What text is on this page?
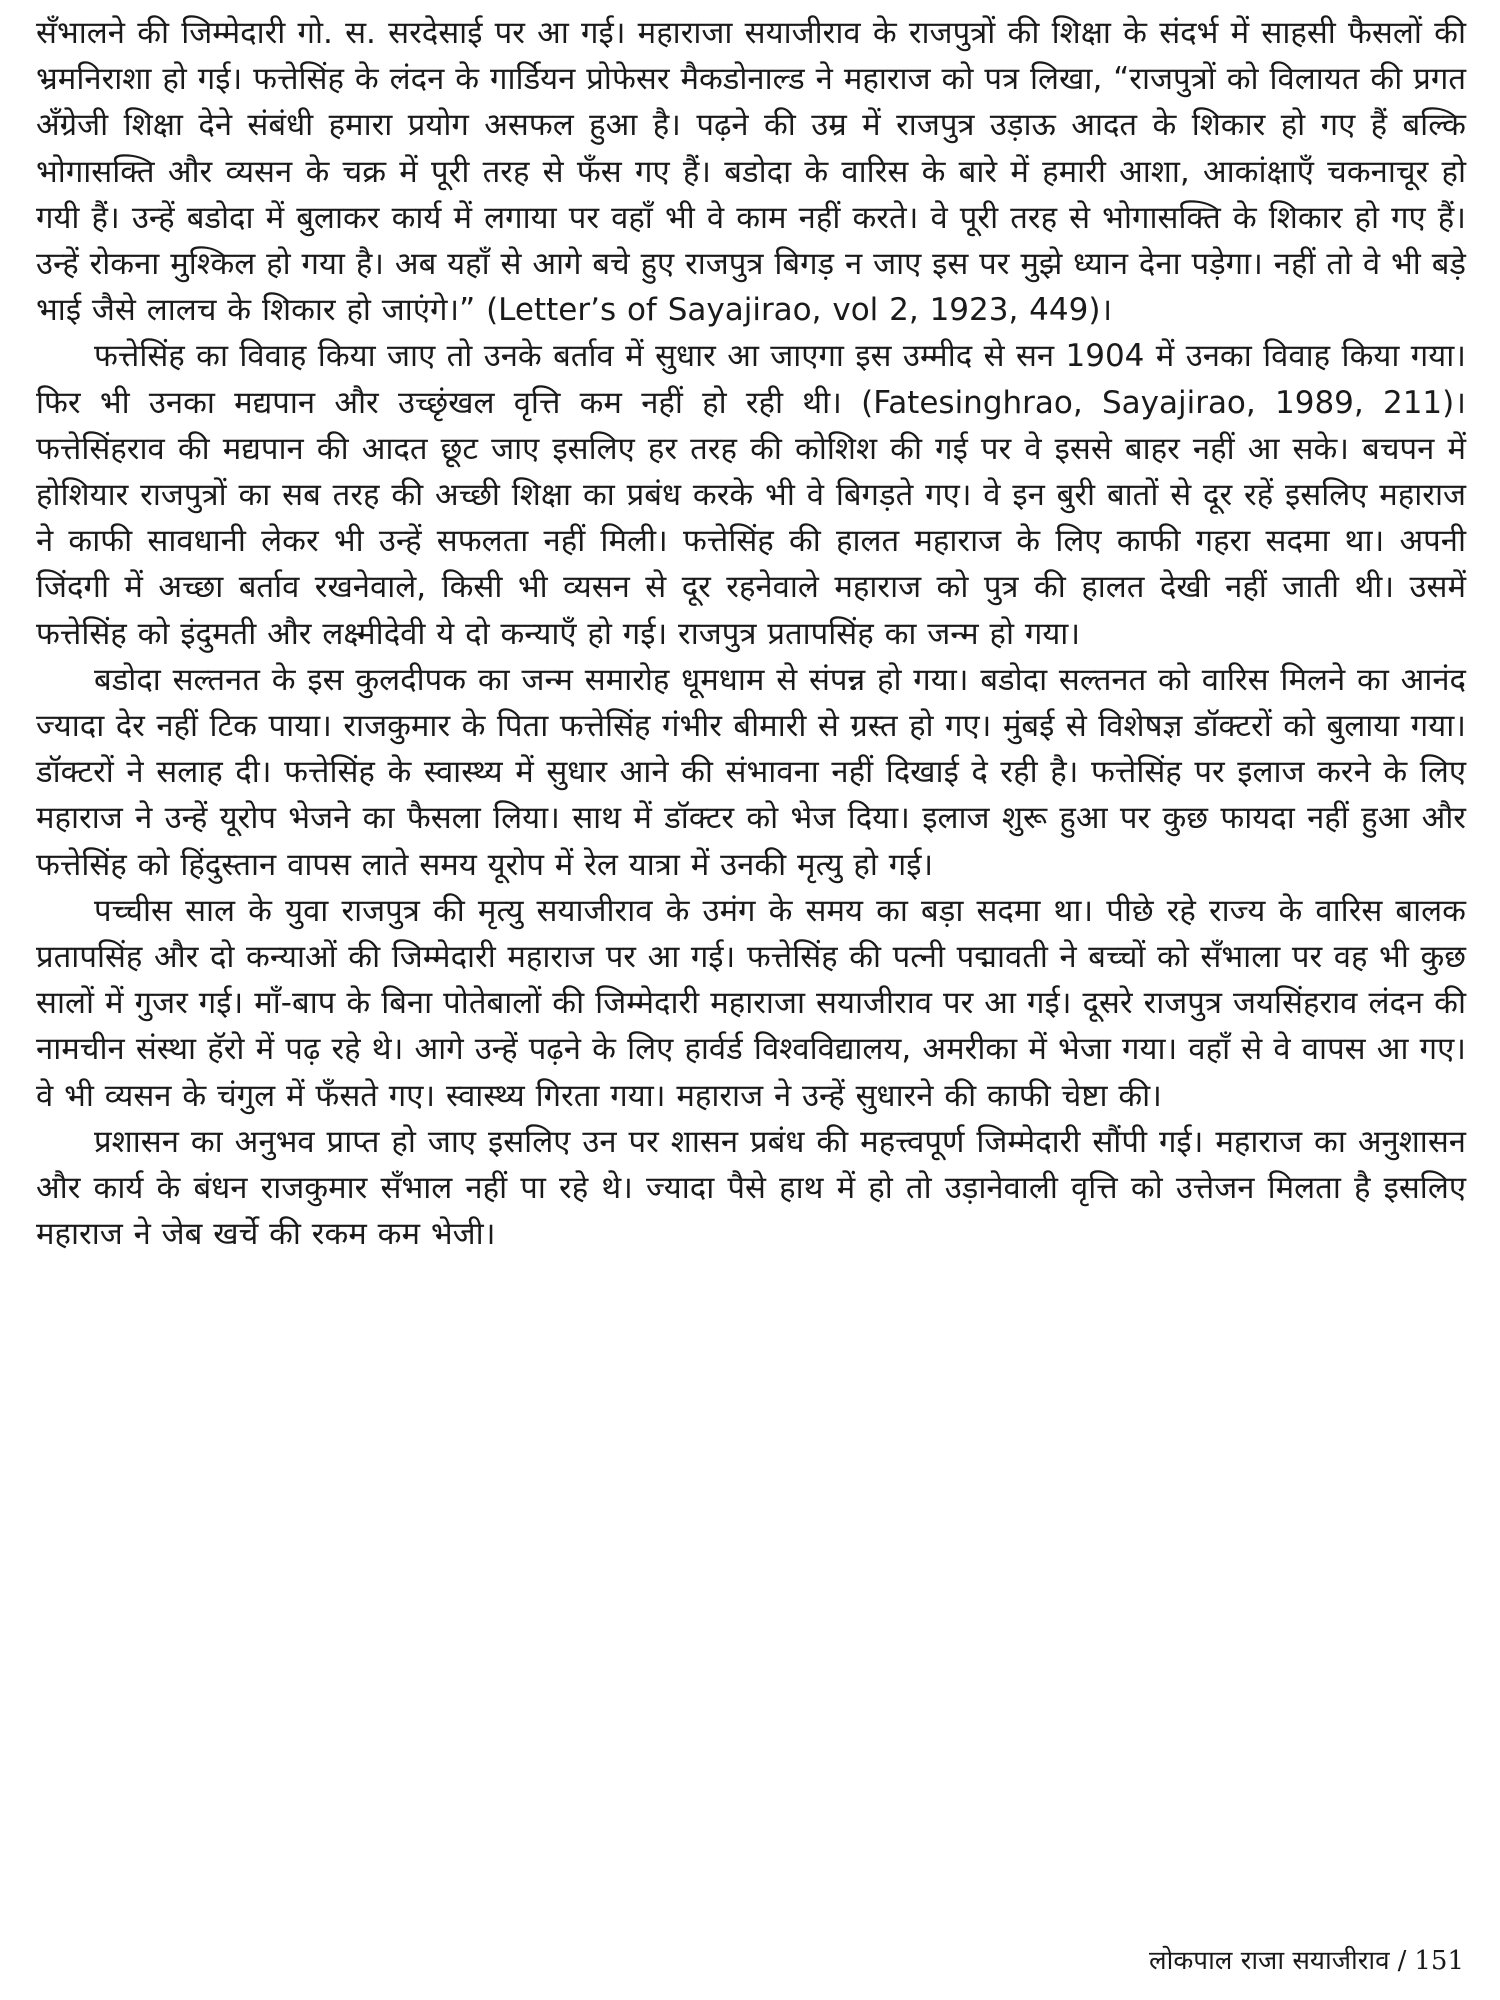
सँभालने की जिम्मेदारी गो. स. सरदेसाई पर आ गई। महाराजा सयाजीराव के राजपुत्रों की शिक्षा के संदर्भ में साहसी फैसलों की भ्रमनिराशा हो गई। फत्तेसिंह के लंदन के गार्डियन प्रोफेसर मैकडोनाल्ड ने महाराज को पत्र लिखा, “राजपुत्रों को विलायत की प्रगत अँग्रेजी शिक्षा देने संबंधी हमारा प्रयोग असफल हुआ है। पढ़ने की उम्र में राजपुत्र उड़ाऊ आदत के शिकार हो गए हैं बल्कि भोगासक्ति और व्यसन के चक्र में पूरी तरह से फँस गए हैं। बडोदा के वारिस के बारे में हमारी आशा, आकांक्षाएँ चकनाचूर हो गयी हैं। उन्हें बडोदा में बुलाकर कार्य में लगाया पर वहाँ भी वे काम नहीं करते। वे पूरी तरह से भोगासक्ति के शिकार हो गए हैं। उन्हें रोकना मुश्किल हो गया है। अब यहाँ से आगे बचे हुए राजपुत्र बिगड़ न जाए इस पर मुझे ध्यान देना पड़ेगा। नहीं तो वे भी बड़े भाई जैसे लालच के शिकार हो जाएंगे।” (Letter’s of Sayajirao, vol 2, 1923, 449)।

फत्तेसिंह का विवाह किया जाए तो उनके बर्ताव में सुधार आ जाएगा इस उम्मीद से सन 1904 में उनका विवाह किया गया। फिर भी उनका मद्यपान और उच्छृंखल वृत्ति कम नहीं हो रही थी। (Fatesinghrao, Sayajirao, 1989, 211)। फत्तेसिंहराव की मद्यपान की आदत छूट जाए इसलिए हर तरह की कोशिश की गई पर वे इससे बाहर नहीं आ सके। बचपन में होशियार राजपुत्रों का सब तरह की अच्छी शिक्षा का प्रबंध करके भी वे बिगड़ते गए। वे इन बुरी बातों से दूर रहें इसलिए महाराज ने काफी सावधानी लेकर भी उन्हें सफलता नहीं मिली। फत्तेसिंह की हालत महाराज के लिए काफी गहरा सदमा था। अपनी जिंदगी में अच्छा बर्ताव रखनेवाले, किसी भी व्यसन से दूर रहनेवाले महाराज को पुत्र की हालत देखी नहीं जाती थी। उसमें फत्तेसिंह को इंदुमती और लक्ष्मीदेवी ये दो कन्याएँ हो गई। राजपुत्र प्रतापसिंह का जन्म हो गया।

बडोदा सल्तनत के इस कुलदीपक का जन्म समारोह धूमधाम से संपन्न हो गया। बडोदा सल्तनत को वारिस मिलने का आनंद ज्यादा देर नहीं टिक पाया। राजकुमार के पिता फत्तेसिंह गंभीर बीमारी से ग्रस्त हो गए। मुंबई से विशेषज्ञ डॉक्टरों को बुलाया गया। डॉक्टरों ने सलाह दी। फत्तेसिंह के स्वास्थ्य में सुधार आने की संभावना नहीं दिखाई दे रही है। फत्तेसिंह पर इलाज करने के लिए महाराज ने उन्हें यूरोप भेजने का फैसला लिया। साथ में डॉक्टर को भेज दिया। इलाज शुरू हुआ पर कुछ फायदा नहीं हुआ और फत्तेसिंह को हिंदुस्तान वापस लाते समय यूरोप में रेल यात्रा में उनकी मृत्यु हो गई।

पच्चीस साल के युवा राजपुत्र की मृत्यु सयाजीराव के उमंग के समय का बड़ा सदमा था। पीछे रहे राज्य के वारिस बालक प्रतापसिंह और दो कन्याओं की जिम्मेदारी महाराज पर आ गई। फत्तेसिंह की पत्नी पद्मावती ने बच्चों को सँभाला पर वह भी कुछ सालों में गुजर गई। माँ-बाप के बिना पोतेबालों की जिम्मेदारी महाराजा सयाजीराव पर आ गई। दूसरे राजपुत्र जयसिंहराव लंदन की नामचीन संस्था हॅरो में पढ़ रहे थे। आगे उन्हें पढ़ने के लिए हार्वर्ड विश्वविद्यालय, अमरीका में भेजा गया। वहाँ से वे वापस आ गए। वे भी व्यसन के चंगुल में फँसते गए। स्वास्थ्य गिरता गया। महाराज ने उन्हें सुधारने की काफी चेष्टा की।

प्रशासन का अनुभव प्राप्त हो जाए इसलिए उन पर शासन प्रबंध की महत्त्वपूर्ण जिम्मेदारी सौंपी गई। महाराज का अनुशासन और कार्य के बंधन राजकुमार सँभाल नहीं पा रहे थे। ज्यादा पैसे हाथ में हो तो उड़ानेवाली वृत्ति को उत्तेजन मिलता है इसलिए महाराज ने जेब खर्चे की रकम कम भेजी।

लोकपाल राजा सयाजीराव / 151
